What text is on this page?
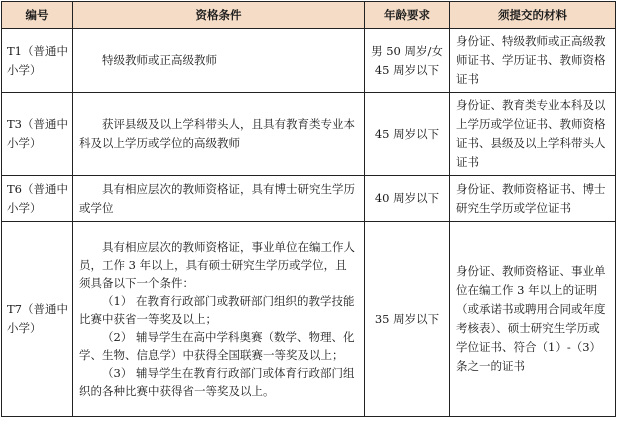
编号	资格条件	年龄要求	须提交的材料
T1（普通中小学）	特级教师或正高级教师	男 50 周岁/女 45 周岁以下	身份证、特级教师或正高级教师证书、学历证书、教师资格证书
T3（普通中小学）	获评县级及以上学科带头人，且具有教育类专业本科及以上学历或学位的高级教师	45 周岁以下	身份证、教育类专业本科及以上学历或学位证书、教师资格证书、县级及以上学科带头人证书
T6（普通中小学）	具有相应层次的教师资格证，具有博士研究生学历或学位	40 周岁以下	身份证、教师资格证书、博士研究生学历或学位证书
T7（普通中小学）	具有相应层次的教师资格证，事业单位在编工作人员，工作 3 年以上，具有硕士研究生学历或学位，且须具备以下一个条件：

（1） 在教育行政部门或教研部门组织的教学技能比赛中获省一等奖及以上；

（2） 辅导学生在高中学科奥赛（数学、物理、化学、生物、信息学）中获得全国联赛一等奖及以上；

（3） 辅导学生在教育行政部门或体育行政部门组织的各种比赛中获得省一等奖及以上。	35 周岁以下	身份证、教师资格证、事业单位在编工作 3 年以上的证明（或承诺书或聘用合同或年度考核表）、硕士研究生学历或学位证书、符合（1）-（3）条之一的证书
